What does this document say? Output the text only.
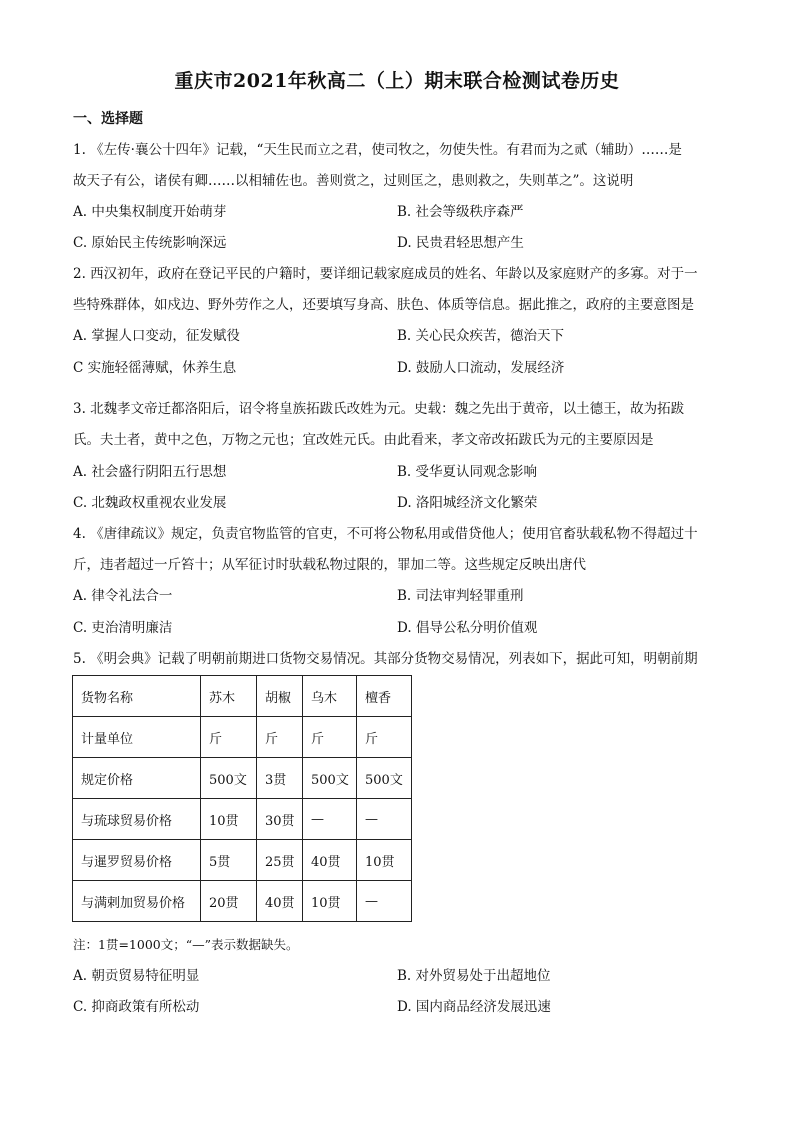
重庆市2021年秋高二（上）期末联合检测试卷历史
一、选择题
1. 《左传·襄公十四年》记载，“天生民而立之君，使司牧之，勿使失性。有君而为之贰（辅助）……是
故天子有公，诸侯有卿……以相辅佐也。善则赏之，过则匡之，患则救之，失则革之”。这说明
A. 中央集权制度开始萌芽	B. 社会等级秩序森严
C. 原始民主传统影响深远	D. 民贵君轻思想产生
2. 西汉初年，政府在登记平民的户籍时，要详细记载家庭成员的姓名、年龄以及家庭财产的多寡。对于一
些特殊群体，如戍边、野外劳作之人，还要填写身高、肤色、体质等信息。据此推之，政府的主要意图是
A. 掌握人口变动，征发赋役	B. 关心民众疾苦，德治天下
C 实施轻徭薄赋，休养生息	D. 鼓励人口流动，发展经济
3. 北魏孝文帝迁都洛阳后，诏令将皇族拓跋氏改姓为元。史载：魏之先出于黄帝，以土德王，故为拓跋
氏。夫土者，黄中之色，万物之元也；宜改姓元氏。由此看来，孝文帝改拓跋氏为元的主要原因是
A. 社会盛行阴阳五行思想	B. 受华夏认同观念影响
C. 北魏政权重视农业发展	D. 洛阳城经济文化繁荣
4. 《唐律疏议》规定，负责官物监管的官吏，不可将公物私用或借贷他人；使用官畜驮载私物不得超过十
斤，违者超过一斤笞十；从军征讨时驮载私物过限的，罪加二等。这些规定反映出唐代
A. 律令礼法合一	B. 司法审判轻罪重刑
C. 吏治清明廉洁	D. 倡导公私分明价值观
5. 《明会典》记载了明朝前期进口货物交易情况。其部分货物交易情况，列表如下，据此可知，明朝前期
货物名称	苏木	胡椒	乌木	檀香
计量单位	斤	斤	斤	斤
规定价格	500文	3贯	500文	500文
与琉球贸易价格	10贯	30贯	—	—
与暹罗贸易价格	5贯	25贯	40贯	10贯
与满剌加贸易价格	20贯	40贯	10贯	—
注：1贯=1000文；“—”表示数据缺失。
A. 朝贡贸易特征明显	B. 对外贸易处于出超地位
C. 抑商政策有所松动	D. 国内商品经济发展迅速
